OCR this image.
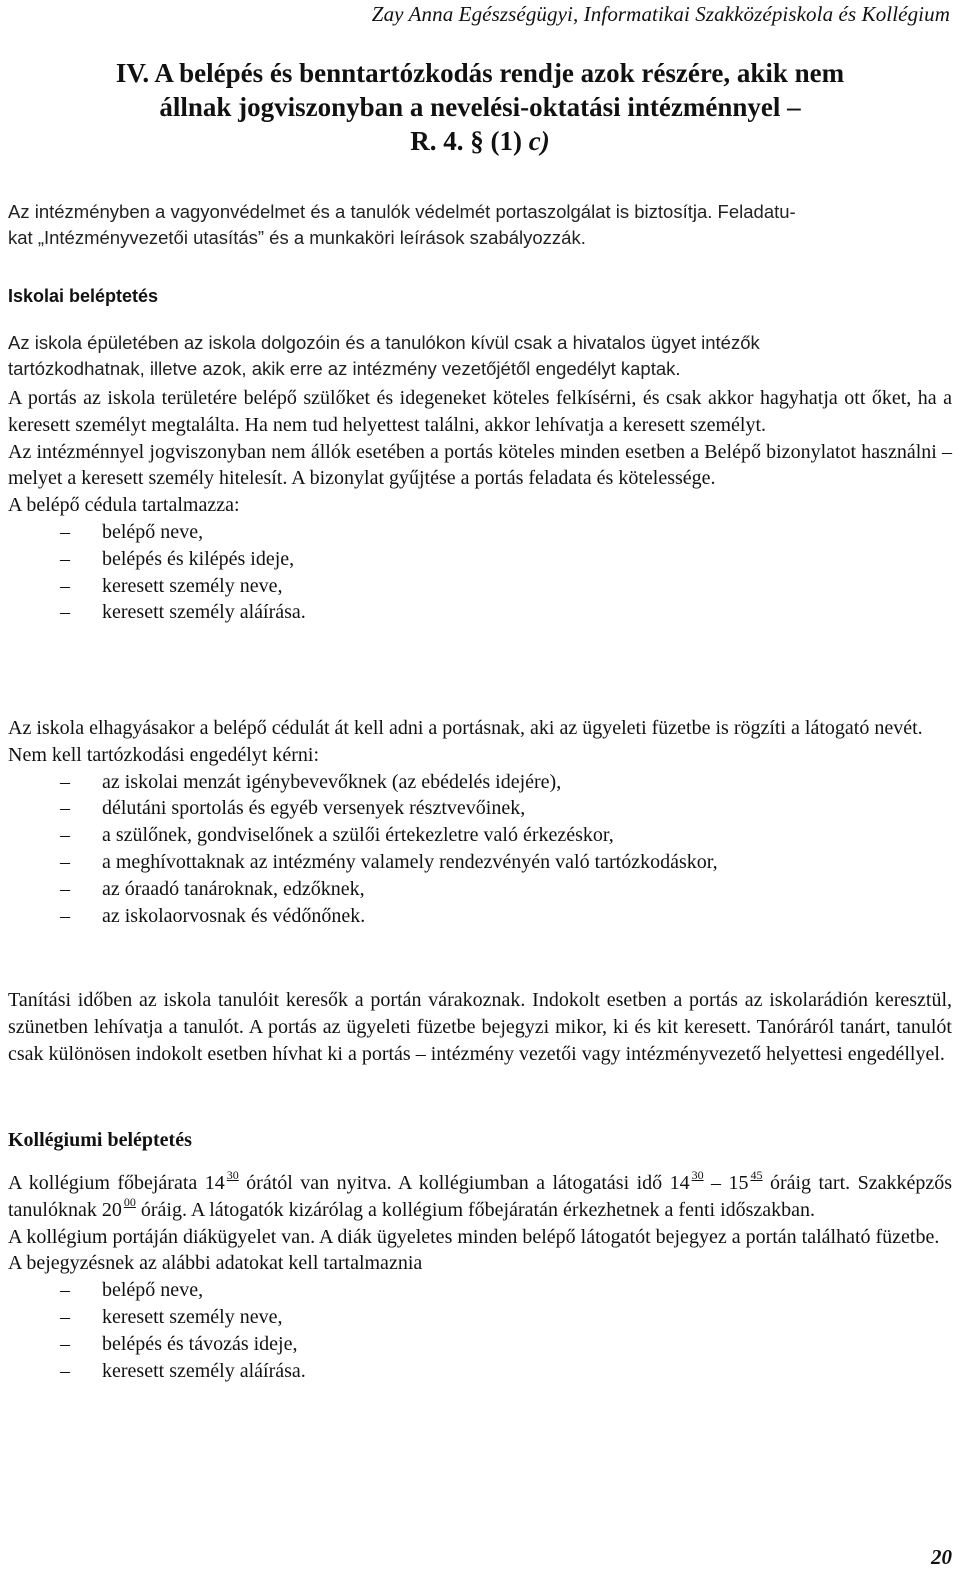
Zay Anna Egészségügyi, Informatikai Szakközépiskola és Kollégium
IV. A belépés és benntartózkodás rendje azok részére, akik nem
állnak jogviszonyban a nevelési-oktatási intézménnyel –
R. 4. § (1) c)

Az intézményben a vagyonvédelmet és a tanulók védelmét portaszolgálat is biztosítja. Feladatu-

kat „Intézményvezetői utasítás” és a munkaköri leírások szabályozzák.

Iskolai beléptetés

Az iskola épületében az iskola dolgozóin és a tanulókon kívül csak a hivatalos ügyet intézők

tartózkodhatnak, illetve azok, akik erre az intézmény vezetőjétől engedélyt kaptak.

A portás az iskola területére belépő szülőket és idegeneket köteles felkísérni, és csak akkor hagyhatja ott őket, ha a keresett személyt megtalálta. Ha nem tud helyettest találni, akkor lehívatja a keresett személyt.

Az intézménnyel jogviszonyban nem állók esetében a portás köteles minden esetben a Belépő bizonylatot használni – melyet a keresett személy hitelesít. A bizonylat gyűjtése a portás feladata és kötelessége.

A belépő cédula tartalmazza:

– belépő neve,
– belépés és kilépés ideje,
– keresett személy neve,
– keresett személy aláírása.

Az iskola elhagyásakor a belépő cédulát át kell adni a portásnak, aki az ügyeleti füzetbe is rögzíti a látogató nevét.

Nem kell tartózkodási engedélyt kérni:

– az iskolai menzát igénybevevőknek (az ebédelés idejére),
– délutáni sportolás és egyéb versenyek résztvevőinek,
– a szülőnek, gondviselőnek a szülői értekezletre való érkezéskor,
– a meghívottaknak az intézmény valamely rendezvényén való tartózkodáskor,
– az óraadó tanároknak, edzőknek,
– az iskolaorvosnak és védőnőnek.

Tanítási időben az iskola tanulóit keresők a portán várakoznak. Indokolt esetben a portás az iskolarádión keresztül, szünetben lehívatja a tanulót. A portás az ügyeleti füzetbe bejegyzi mikor, ki és kit keresett. Tanóráról tanárt, tanulót csak különösen indokolt esetben hívhat ki a portás – intézmény vezetői vagy intézményvezető helyettesi engedéllyel.

Kollégiumi beléptetés

A kollégium főbejárata 14 $^{30}$ órától van nyitva. A kollégiumban a látogatási idő 14 $^{30}$ – 15 $^{45}$ óráig tart. Szakképzős tanulóknak 20 $^{00}$ óráig. A látogatók kizárólag a kollégium főbejáratán érkezhetnek a fenti időszakban.

A kollégium portáján diákügyelet van. A diák ügyeletes minden belépő látogatót bejegyez a portán található füzetbe.

A bejegyzésnek az alábbi adatokat kell tartalmaznia

– belépő neve,
– keresett személy neve,
– belépés és távozás ideje,
– keresett személy aláírása.
20
